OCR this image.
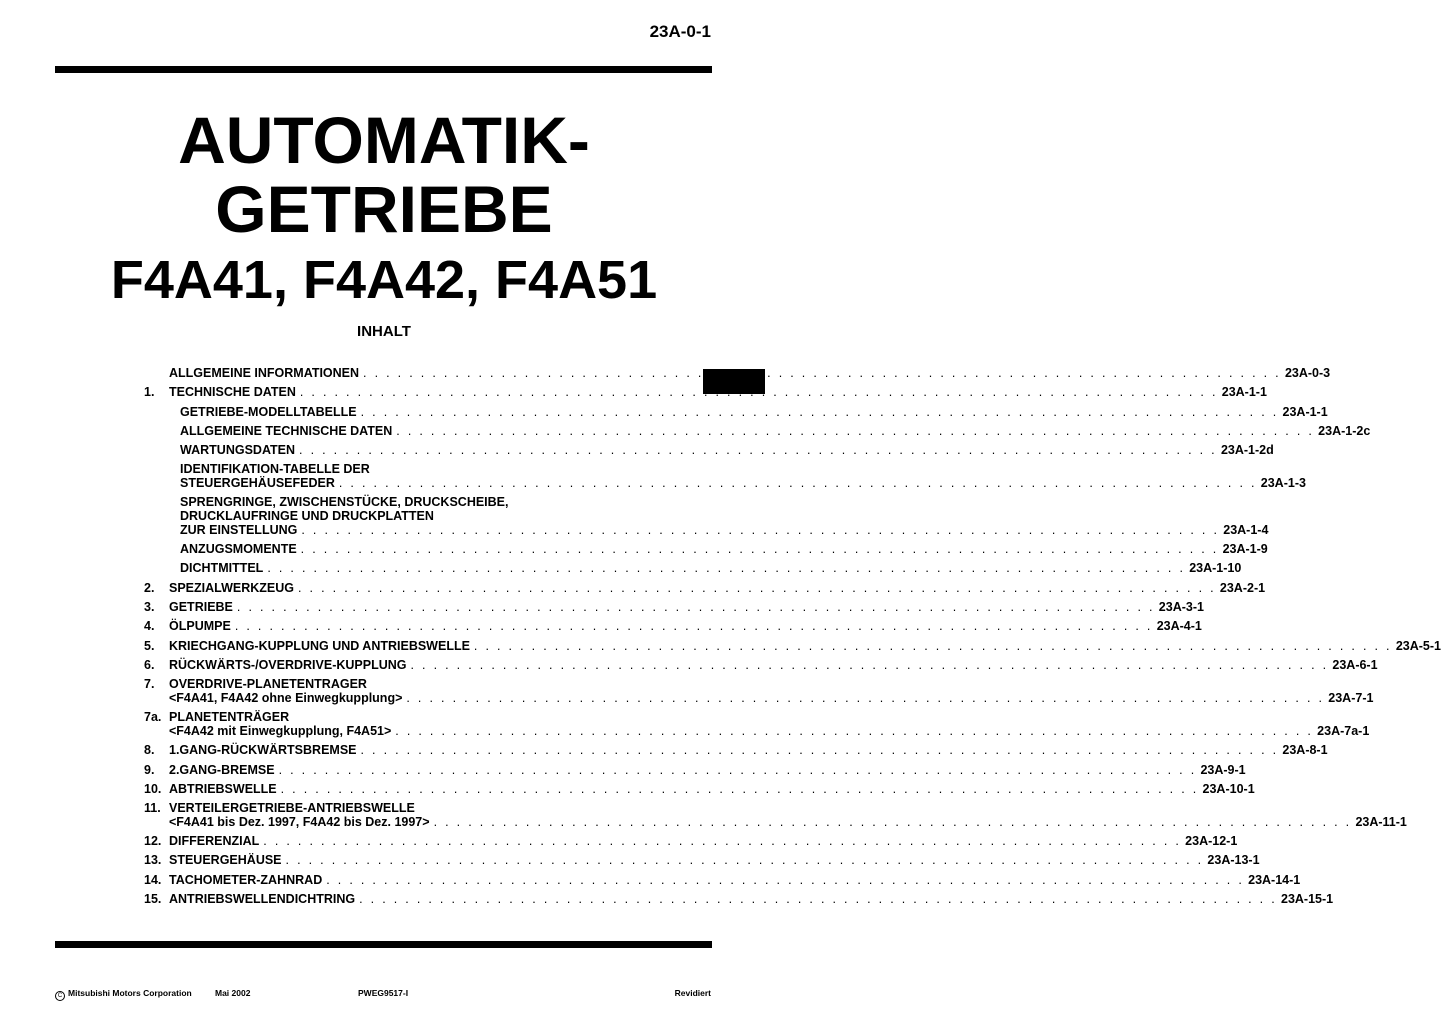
23A-0-1
AUTOMATIK-
GETRIEBE
F4A41, F4A42, F4A51
INHALT
ALLGEMEINE INFORMATIONEN . . . . . . . . . . . . . . . . . . . . . . . . . . . . . . . . . . . . . . . . . . . . . . . . . . . . . . . . . . . . . . . . . . . . . . . . . . . . . . . . 23A-0-3
1.	TECHNISCHE DATEN . . . . . . . . . . . . . . . . . . . . . . . . . . . . . . . . . . . . . . . . . . . . . . . . . . . . . . . . . . . . . . . . . . . . . . . . . . . . . . . . 23A-1-1
GETRIEBE-MODELLTABELLE . . . . . . . . . . . . . . . . . . . . . . . . . . . . . . . . . . . . . . . . . . . . . . . . . . . . . . . . . . . . . . . . . . . . . . . . . . . . . . . . 23A-1-1
ALLGEMEINE TECHNISCHE DATEN . . . . . . . . . . . . . . . . . . . . . . . . . . . . . . . . . . . . . . . . . . . . . . . . . . . . . . . . . . . . . . . . . . . . . . . . . . . . . . . . 23A-1-2c
WARTUNGSDATEN . . . . . . . . . . . . . . . . . . . . . . . . . . . . . . . . . . . . . . . . . . . . . . . . . . . . . . . . . . . . . . . . . . . . . . . . . . . . . . . . 23A-1-2d
IDENTIFIKATION-TABELLE DER
STEUERGEHÄUSEFEDER . . . . . . . . . . . . . . . . . . . . . . . . . . . . . . . . . . . . . . . . . . . . . . . . . . . . . . . . . . . . . . . . . . . . . . . . . . . . . . . . 23A-1-3
SPRENGRINGE, ZWISCHENSTÜCKE, DRUCKSCHEIBE,
DRUCKLAUFRINGE UND DRUCKPLATTEN
ZUR EINSTELLUNG . . . . . . . . . . . . . . . . . . . . . . . . . . . . . . . . . . . . . . . . . . . . . . . . . . . . . . . . . . . . . . . . . . . . . . . . . . . . . . . . 23A-1-4
ANZUGSMOMENTE . . . . . . . . . . . . . . . . . . . . . . . . . . . . . . . . . . . . . . . . . . . . . . . . . . . . . . . . . . . . . . . . . . . . . . . . . . . . . . . . 23A-1-9
DICHTMITTEL . . . . . . . . . . . . . . . . . . . . . . . . . . . . . . . . . . . . . . . . . . . . . . . . . . . . . . . . . . . . . . . . . . . . . . . . . . . . . . . . 23A-1-10
2.	SPEZIALWERKZEUG . . . . . . . . . . . . . . . . . . . . . . . . . . . . . . . . . . . . . . . . . . . . . . . . . . . . . . . . . . . . . . . . . . . . . . . . . . . . . . . . 23A-2-1
3.	GETRIEBE . . . . . . . . . . . . . . . . . . . . . . . . . . . . . . . . . . . . . . . . . . . . . . . . . . . . . . . . . . . . . . . . . . . . . . . . . . . . . . . . 23A-3-1
4.	ÖLPUMPE . . . . . . . . . . . . . . . . . . . . . . . . . . . . . . . . . . . . . . . . . . . . . . . . . . . . . . . . . . . . . . . . . . . . . . . . . . . . . . . . 23A-4-1
5.	KRIECHGANG-KUPPLUNG UND ANTRIEBSWELLE . . . . . . . . . . . . . . . . . . . . . . . . . . . . . . . . . . . . . . . . . . . . . . . . . . . . . . . . . . . . . . . . . . . . . . . . . . . . . . . . 23A-5-1
6.	RÜCKWÄRTS-/OVERDRIVE-KUPPLUNG . . . . . . . . . . . . . . . . . . . . . . . . . . . . . . . . . . . . . . . . . . . . . . . . . . . . . . . . . . . . . . . . . . . . . . . . . . . . . . . . 23A-6-1
7.	OVERDRIVE-PLANETENTRAGER
<F4A41, F4A42 ohne Einwegkupplung> . . . . . . . . . . . . . . . . . . . . . . . . . . . . . . . . . . . . . . . . . . . . . . . . . . . . . . . . . . . . . . . . . . . . . . . . . . . . . . . . 23A-7-1
7a. PLANETENTRÄGER
<F4A42 mit Einwegkupplung, F4A51> . . . . . . . . . . . . . . . . . . . . . . . . . . . . . . . . . . . . . . . . . . . . . . . . . . . . . . . . . . . . . . . . . . . . . . . . . . . . . . . . 23A-7a-1
8.	1.GANG-RÜCKWÄRTSBREMSE . . . . . . . . . . . . . . . . . . . . . . . . . . . . . . . . . . . . . . . . . . . . . . . . . . . . . . . . . . . . . . . . . . . . . . . . . . . . . . . . 23A-8-1
9.	2.GANG-BREMSE . . . . . . . . . . . . . . . . . . . . . . . . . . . . . . . . . . . . . . . . . . . . . . . . . . . . . . . . . . . . . . . . . . . . . . . . . . . . . . . . 23A-9-1
10. ABTRIEBSWELLE . . . . . . . . . . . . . . . . . . . . . . . . . . . . . . . . . . . . . . . . . . . . . . . . . . . . . . . . . . . . . . . . . . . . . . . . . . . . . . . . 23A-10-1
11. VERTEILERGETRIEBE-ANTRIEBSWELLE
<F4A41 bis Dez. 1997, F4A42 bis Dez. 1997> . . . . . . . . . . . . . . . . . . . . . . . . . . . . . . . . . . . . . . . . . . . . . . . . . . . . . . . . . . . . . . . . . . . . . . . . . . . . . . . . 23A-11-1
12. DIFFERENZIAL . . . . . . . . . . . . . . . . . . . . . . . . . . . . . . . . . . . . . . . . . . . . . . . . . . . . . . . . . . . . . . . . . . . . . . . . . . . . . . . . 23A-12-1
13. STEUERGEHÄUSE . . . . . . . . . . . . . . . . . . . . . . . . . . . . . . . . . . . . . . . . . . . . . . . . . . . . . . . . . . . . . . . . . . . . . . . . . . . . . . . . 23A-13-1
14. TACHOMETER-ZAHNRAD . . . . . . . . . . . . . . . . . . . . . . . . . . . . . . . . . . . . . . . . . . . . . . . . . . . . . . . . . . . . . . . . . . . . . . . . . . . . . . . . 23A-14-1
15. ANTRIEBSWELLENDICHTRING . . . . . . . . . . . . . . . . . . . . . . . . . . . . . . . . . . . . . . . . . . . . . . . . . . . . . . . . . . . . . . . . . . . . . . . . . . . . . . . . 23A-15-1
C Mitsubishi Motors Corporation	Mai 2002	PWEG9517-I	Revidiert
